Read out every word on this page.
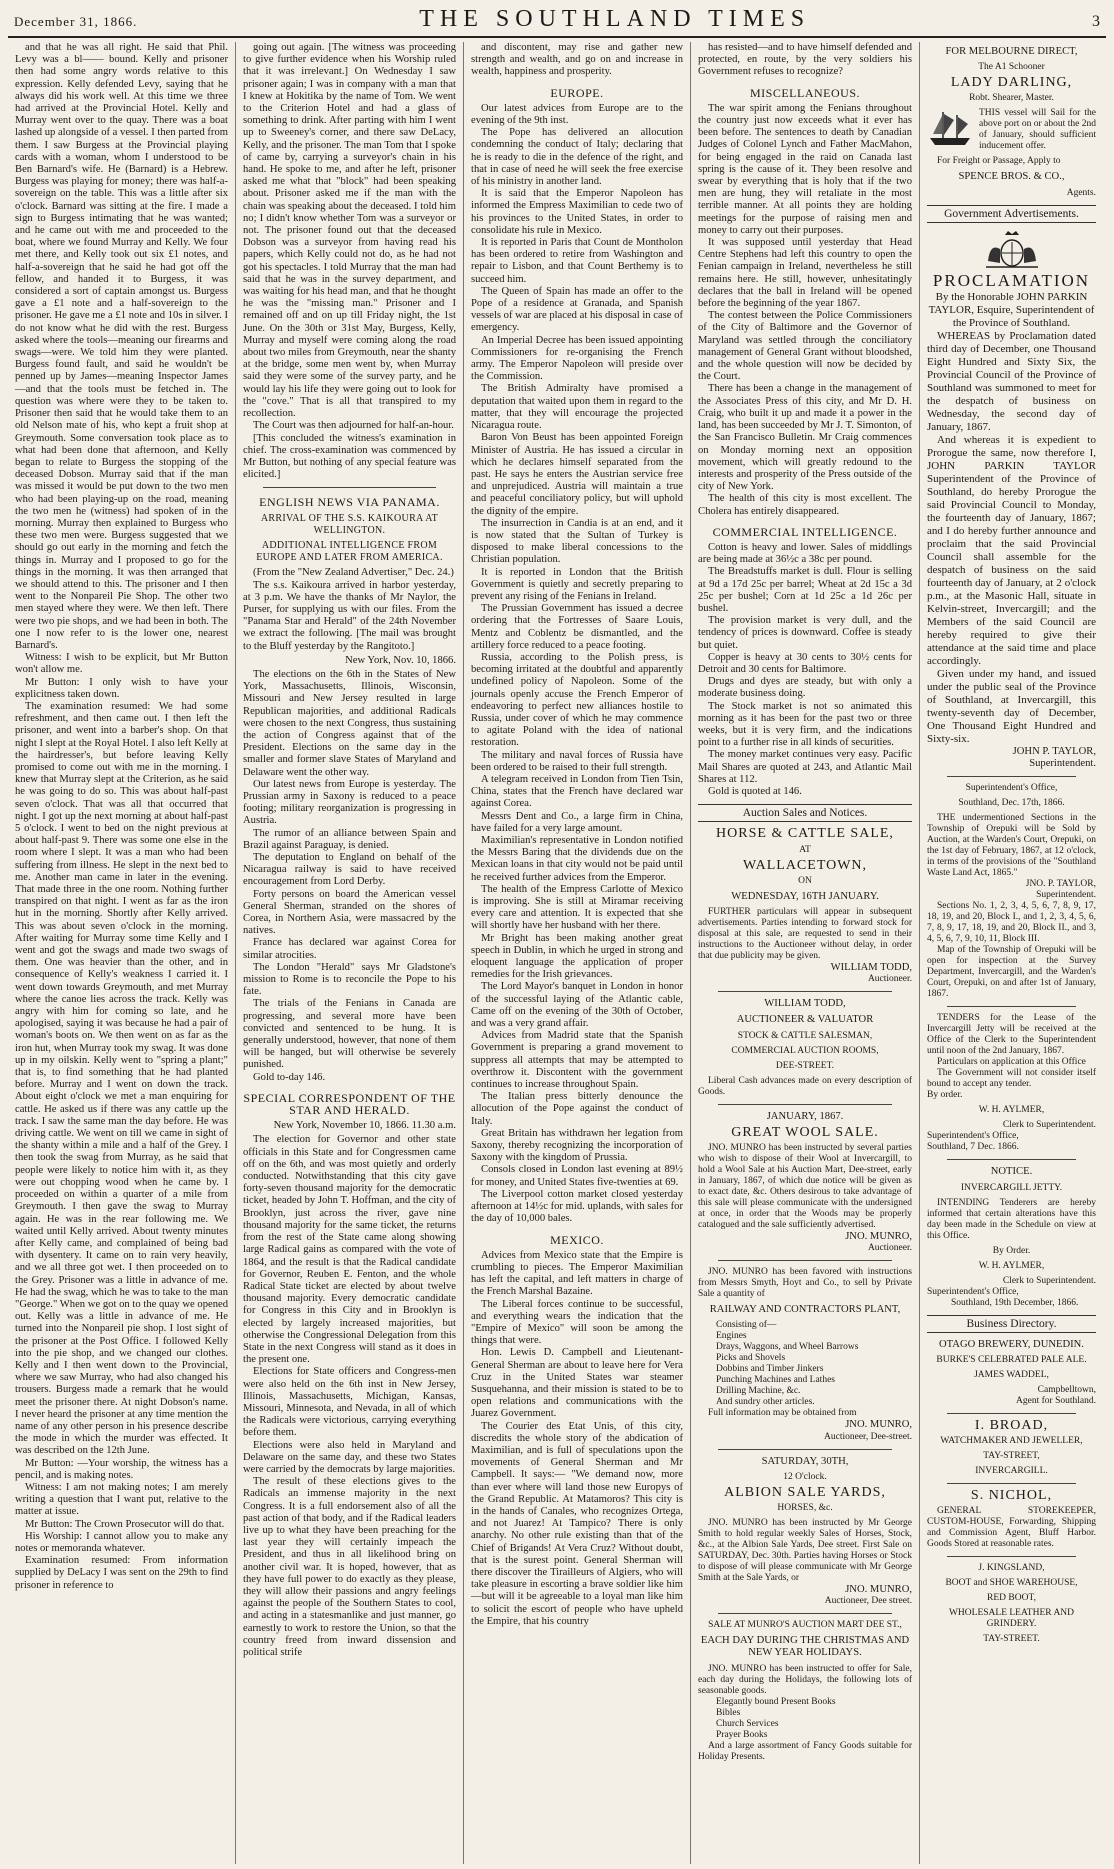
December 31, 1866.	THE SOUTHLAND TIMES	3

and that he was all right. He said that Phil. Levy was a bl—— bound. Kelly and prisoner then had some angry words relative to this expression. Kelly defended Levy, saying that he always did his work well. At this time we three had arrived at the Provincial Hotel. Kelly and Murray went over to the quay. There was a boat lashed up alongside of a vessel. I then parted from them. I saw Burgess at the Provincial playing cards with a woman, whom I understood to be Ben Barnard's wife. He (Barnard) is a Hebrew. Burgess was playing for money; there was half-a-sovereign on the table. This was a little after six o'clock. Barnard was sitting at the fire. I made a sign to Burgess intimating that he was wanted; and he came out with me and proceeded to the boat, where we found Murray and Kelly. We four met there, and Kelly took out six £1 notes, and half-a-sovereign that he said he had got off the fellow, and handed it to Burgess, it was considered a sort of captain amongst us. Burgess gave a £1 note and a half-sovereign to the prisoner. He gave me a £1 note and 10s in silver. I do not know what he did with the rest. Burgess asked where the tools—meaning our firearms and swags—were. We told him they were planted. Burgess found fault, and said he wouldn't be penned up by James—meaning Inspector James—and that the tools must be fetched in. The question was where were they to be taken to. Prisoner then said that he would take them to an old Nelson mate of his, who kept a fruit shop at Greymouth. Some conversation took place as to what had been done that afternoon, and Kelly began to relate to Burgess the stopping of the deceased Dobson. Murray said that if the man was missed it would be put down to the two men who had been playing-up on the road, meaning the two men he (witness) had spoken of in the morning. Murray then explained to Burgess who these two men were. Burgess suggested that we should go out early in the morning and fetch the things in. Murray and I proposed to go for the things in the morning. It was then arranged that we should attend to this. The prisoner and I then went to the Nonpareil Pie Shop. The other two men stayed where they were. We then left. There were two pie shops, and we had been in both. The one I now refer to is the lower one, nearest Barnard's.

Witness: I wish to be explicit, but Mr Button won't allow me.

Mr Button: I only wish to have your explicitness taken down.

The examination resumed: We had some refreshment, and then came out. I then left the prisoner, and went into a barber's shop. On that night I slept at the Royal Hotel. I also left Kelly at the hairdresser's, but before leaving Kelly promised to come out with me in the morning. I knew that Murray slept at the Criterion, as he said he was going to do so. This was about half-past seven o'clock. That was all that occurred that night. I got up the next morning at about half-past 5 o'clock. I went to bed on the night previous at about half-past 9. There was some one else in the room where I slept. It was a man who had been suffering from illness. He slept in the next bed to me. Another man came in later in the evening. That made three in the one room. Nothing further transpired on that night. I went as far as the iron hut in the morning. Shortly after Kelly arrived. This was about seven o'clock in the morning. After waiting for Murray some time Kelly and I went and got the swags and made two swags of them. One was heavier than the other, and in consequence of Kelly's weakness I carried it. I went down towards Greymouth, and met Murray where the canoe lies across the track. Kelly was angry with him for coming so late, and he apologised, saying it was because he had a pair of woman's boots on. We then went on as far as the iron hut, when Murray took my swag. It was done up in my oilskin. Kelly went to "spring a plant;" that is, to find something that he had planted before. Murray and I went on down the track. About eight o'clock we met a man enquiring for cattle. He asked us if there was any cattle up the track. I saw the same man the day before. He was driving cattle. We went on till we came in sight of the shanty within a mile and a half of the Grey. I then took the swag from Murray, as he said that people were likely to notice him with it, as they were out chopping wood when he came by. I proceeded on within a quarter of a mile from Greymouth. I then gave the swag to Murray again. He was in the rear following me. We waited until Kelly arrived. About twenty minutes after Kelly came, and complained of being bad with dysentery. It came on to rain very heavily, and we all three got wet. I then proceeded on to the Grey. Prisoner was a little in advance of me. He had the swag, which he was to take to the man "George." When we got on to the quay we opened out. Kelly was a little in advance of me. He turned into the Nonpareil pie shop. I lost sight of the prisoner at the Post Office. I followed Kelly into the pie shop, and we changed our clothes. Kelly and I then went down to the Provincial, where we saw Murray, who had also changed his trousers. Burgess made a remark that he would meet the prisoner there. At night Dobson's name. I never heard the prisoner at any time mention the name of any other person in his presence describe the mode in which the murder was effected. It was described on the 12th June.

Mr Button: —Your worship, the witness has a pencil, and is making notes.

Witness: I am not making notes; I am merely writing a question that I want put, relative to the matter at issue.

Mr Button: The Crown Prosecutor will do that.

His Worship: I cannot allow you to make any notes or memoranda whatever.

Examination resumed: From information supplied by DeLacy I was sent on the 29th to find prisoner in reference to

going out again. [The witness was proceeding to give further evidence when his Worship ruled that it was irrelevant.] On Wednesday I saw prisoner again; I was in company with a man that I knew at Hokitika by the name of Tom. We went to the Criterion Hotel and had a glass of something to drink. After parting with him I went up to Sweeney's corner, and there saw DeLacy, Kelly, and the prisoner. The man Tom that I spoke of came by, carrying a surveyor's chain in his hand. He spoke to me, and after he left, prisoner asked me what that "block" had been speaking about. Prisoner asked me if the man with the chain was speaking about the deceased. I told him no; I didn't know whether Tom was a surveyor or not. The prisoner found out that the deceased Dobson was a surveyor from having read his papers, which Kelly could not do, as he had not got his spectacles. I told Murray that the man had said that he was in the survey department, and was waiting for his head man, and that he thought he was the "missing man." Prisoner and I remained off and on up till Friday night, the 1st June. On the 30th or 31st May, Burgess, Kelly, Murray and myself were coming along the road about two miles from Greymouth, near the shanty at the bridge, some men went by, when Murray said they were some of the survey party, and he would lay his life they were going out to look for the "cove." That is all that transpired to my recollection.

The Court was then adjourned for half-an-hour.

[This concluded the witness's examination in chief. The cross-examination was commenced by Mr Button, but nothing of any special feature was elicited.]

ENGLISH NEWS VIA PANAMA.
ARRIVAL OF THE S.S. KAIKOURA AT WELLINGTON.
ADDITIONAL INTELLIGENCE FROM EUROPE AND LATER FROM AMERICA.

(From the "New Zealand Advertiser," Dec. 24.)

The s.s. Kaikoura arrived in harbor yesterday, at 3 p.m. We have the thanks of Mr Naylor, the Purser, for supplying us with our files. From the "Panama Star and Herald" of the 24th November we extract the following. [The mail was brought to the Bluff yesterday by the Rangitoto.]

New York, Nov. 10, 1866.

The elections on the 6th in the States of New York, Massachusetts, Illinois, Wisconsin, Missouri and New Jersey resulted in large Republican majorities, and additional Radicals were chosen to the next Congress, thus sustaining the action of Congress against that of the President. Elections on the same day in the smaller and former slave States of Maryland and Delaware went the other way.

Our latest news from Europe is yesterday. The Prussian army in Saxony is reduced to a peace footing; military reorganization is progressing in Austria.

The rumor of an alliance between Spain and Brazil against Paraguay, is denied.

The deputation to England on behalf of the Nicaragua railway is said to have received encouragement from Lord Derby.

Forty persons on board the American vessel General Sherman, stranded on the shores of Corea, in Northern Asia, were massacred by the natives.

France has declared war against Corea for similar atrocities.

The London "Herald" says Mr Gladstone's mission to Rome is to reconcile the Pope to his fate.

The trials of the Fenians in Canada are progressing, and several more have been convicted and sentenced to be hung. It is generally understood, however, that none of them will be hanged, but will otherwise be severely punished.

Gold to-day 146.

SPECIAL CORRESPONDENT OF THE STAR AND HERALD.
New York, November 10, 1866. 11.30 a.m.

The election for Governor and other state officials in this State and for Congressmen came off on the 6th, and was most quietly and orderly conducted. Notwithstanding that this city gave forty-seven thousand majority for the democratic ticket, headed by John T. Hoffman, and the city of Brooklyn, just across the river, gave nine thousand majority for the same ticket, the returns from the rest of the State came along showing large Radical gains as compared with the vote of 1864, and the result is that the Radical candidate for Governor, Reuben E. Fenton, and the whole Radical State ticket are elected by about twelve thousand majority. Every democratic candidate for Congress in this City and in Brooklyn is elected by largely increased majorities, but otherwise the Congressional Delegation from this State in the next Congress will stand as it does in the present one.

Elections for State officers and Congress-men were also held on the 6th inst in New Jersey, Illinois, Massachusetts, Michigan, Kansas, Missouri, Minnesota, and Nevada, in all of which the Radicals were victorious, carrying everything before them.

Elections were also held in Maryland and Delaware on the same day, and these two States were carried by the democrats by large majorities.

The result of these elections gives to the Radicals an immense majority in the next Congress. It is a full endorsement also of all the past action of that body, and if the Radical leaders live up to what they have been preaching for the last year they will certainly impeach the President, and thus in all likelihood bring on another civil war. It is hoped, however, that as they have full power to do exactly as they please, they will allow their passions and angry feelings against the people of the Southern States to cool, and acting in a statesmanlike and just manner, go earnestly to work to restore the Union, so that the country freed from inward dissension and political strife

and discontent, may rise and gather new strength and wealth, and go on and increase in wealth, happiness and prosperity.

EUROPE.

Our latest advices from Europe are to the evening of the 9th inst.

The Pope has delivered an allocution condemning the conduct of Italy; declaring that he is ready to die in the defence of the right, and that in case of need he will seek the free exercise of his ministry in another land.

It is said that the Emperor Napoleon has informed the Empress Maximilian to cede two of his provinces to the United States, in order to consolidate his rule in Mexico.

It is reported in Paris that Count de Montholon has been ordered to retire from Washington and repair to Lisbon, and that Count Berthemy is to succeed him.

The Queen of Spain has made an offer to the Pope of a residence at Granada, and Spanish vessels of war are placed at his disposal in case of emergency.

An Imperial Decree has been issued appointing Commissioners for re-organising the French army. The Emperor Napoleon will preside over the Commission.

The British Admiralty have promised a deputation that waited upon them in regard to the matter, that they will encourage the projected Nicaragua route.

Baron Von Beust has been appointed Foreign Minister of Austria. He has issued a circular in which he declares himself separated from the past. He says he enters the Austrian service free and unprejudiced. Austria will maintain a true and peaceful conciliatory policy, but will uphold the dignity of the empire.

The insurrection in Candia is at an end, and it is now stated that the Sultan of Turkey is disposed to make liberal concessions to the Christian population.

It is reported in London that the British Government is quietly and secretly preparing to prevent any rising of the Fenians in Ireland.

The Prussian Government has issued a decree ordering that the Fortresses of Saare Louis, Mentz and Coblentz be dismantled, and the artillery force reduced to a peace footing.

Russia, according to the Polish press, is becoming irritated at the doubtful and apparently undefined policy of Napoleon. Some of the journals openly accuse the French Emperor of endeavoring to perfect new alliances hostile to Russia, under cover of which he may commence to agitate Poland with the idea of national restoration.

The military and naval forces of Russia have been ordered to be raised to their full strength.

A telegram received in London from Tien Tsin, China, states that the French have declared war against Corea.

Messrs Dent and Co., a large firm in China, have failed for a very large amount.

Maximilian's representative in London notified the Messrs Baring that the dividends due on the Mexican loans in that city would not be paid until he received further advices from the Emperor.

The health of the Empress Carlotte of Mexico is improving. She is still at Miramar receiving every care and attention. It is expected that she will shortly have her husband with her there.

Mr Bright has been making another great speech in Dublin, in which he urged in strong and eloquent language the application of proper remedies for the Irish grievances.

The Lord Mayor's banquet in London in honor of the successful laying of the Atlantic cable, Came off on the evening of the 30th of October, and was a very grand affair.

Advices from Madrid state that the Spanish Government is preparing a grand movement to suppress all attempts that may be attempted to overthrow it. Discontent with the government continues to increase throughout Spain.

The Italian press bitterly denounce the allocution of the Pope against the conduct of Italy.

Great Britain has withdrawn her legation from Saxony, thereby recognizing the incorporation of Saxony with the kingdom of Prussia.

Consols closed in London last evening at 89½ for money, and United States five-twenties at 69.

The Liverpool cotton market closed yesterday afternoon at 14½c for mid. uplands, with sales for the day of 10,000 bales.

MEXICO.

Advices from Mexico state that the Empire is crumbling to pieces. The Emperor Maximilian has left the capital, and left matters in charge of the French Marshal Bazaine.

The Liberal forces continue to be successful, and everything wears the indication that the "Empire of Mexico" will soon be among the things that were.

Hon. Lewis D. Campbell and Lieutenant-General Sherman are about to leave here for Vera Cruz in the United States war steamer Susquehanna, and their mission is stated to be to open relations and communications with the Juarez Government.

The Courier des Etat Unis, of this city, discredits the whole story of the abdication of Maximilian, and is full of speculations upon the movements of General Sherman and Mr Campbell. It says:— "We demand now, more than ever where will land those new Europys of the Grand Republic. At Matamoros? This city is in the hands of Canales, who recognizes Ortega, and not Juarez! At Tampico? There is only anarchy. No other rule existing than that of the Chief of Brigands! At Vera Cruz? Without doubt, that is the surest point. General Sherman will there discover the Tirailleurs of Algiers, who will take pleasure in escorting a brave soldier like him—but will it be agreeable to a loyal man like him to solicit the escort of people who have upheld the Empire, that his country

has resisted—and to have himself defended and protected, en route, by the very soldiers his Government refuses to recognize?

MISCELLANEOUS.

The war spirit among the Fenians throughout the country just now exceeds what it ever has been before. The sentences to death by Canadian Judges of Colonel Lynch and Father MacMahon, for being engaged in the raid on Canada last spring is the cause of it. They been resolve and swear by everything that is holy that if the two men are hung, they will retaliate in the most terrible manner. At all points they are holding meetings for the purpose of raising men and money to carry out their purposes.

It was supposed until yesterday that Head Centre Stephens had left this country to open the Fenian campaign in Ireland, nevertheless he still remains here. He still, however, unhesitatingly declares that the ball in Ireland will be opened before the beginning of the year 1867.

The contest between the Police Commissioners of the City of Baltimore and the Governor of Maryland was settled through the conciliatory management of General Grant without bloodshed, and the whole question will now be decided by the Court.

There has been a change in the management of the Associates Press of this city, and Mr D. H. Craig, who built it up and made it a power in the land, has been succeeded by Mr J. T. Simonton, of the San Francisco Bulletin. Mr Craig commences on Monday morning next an opposition movement, which will greatly redound to the interests and prosperity of the Press outside of the city of New York.

The health of this city is most excellent. The Cholera has entirely disappeared.

COMMERCIAL INTELLIGENCE.

Cotton is heavy and lower. Sales of middlings are being made at 36½c a 38c per pound.

The Breadstuffs market is dull. Flour is selling at 9d a 17d 25c per barrel; Wheat at 2d 15c a 3d 25c per bushel; Corn at 1d 25c a 1d 26c per bushel.

The provision market is very dull, and the tendency of prices is downward. Coffee is steady but quiet.

Copper is heavy at 30 cents to 30½ cents for Detroit and 30 cents for Baltimore.

Drugs and dyes are steady, but with only a moderate business doing.

The Stock market is not so animated this morning as it has been for the past two or three weeks, but it is very firm, and the indications point to a further rise in all kinds of securities.

The money market continues very easy. Pacific Mail Shares are quoted at 243, and Atlantic Mail Shares at 112.

Gold is quoted at 146.

Auction Sales and Notices.
HORSE & CATTLE SALE,
AT
WALLACETOWN,
ON
WEDNESDAY, 16TH JANUARY.

FURTHER particulars will appear in subsequent advertisements. Parties intending to forward stock for disposal at this sale, are requested to send in their instructions to the Auctioneer without delay, in order that due publicity may be given.

WILLIAM TODD,
Auctioneer.
WILLIAM TODD,
AUCTIONEER & VALUATOR
STOCK & CATTLE SALESMAN,
COMMERCIAL AUCTION ROOMS,
DEE-STREET.

Liberal Cash advances made on every description of Goods.

JANUARY, 1867.
GREAT WOOL SALE.

JNO. MUNRO has been instructed by several parties who wish to dispose of their Wool at Invercargill, to hold a Wool Sale at his Auction Mart, Dee-street, early in January, 1867, of which due notice will be given as to exact date, &c. Others desirous to take advantage of this sale will please communicate with the undersigned at once, in order that the Woods may be properly catalogued and the sale sufficiently advertised.

JNO. MUNRO,
Auctioneer.

JNO. MUNRO has been favored with instructions from Messrs Smyth, Hoyt and Co., to sell by Private Sale a quantity of

RAILWAY AND CONTRACTORS PLANT,
Consisting of—
Engines
Drays, Waggons, and Wheel Barrows
Picks and Shovels
Dobbins and Timber Jinkers
Punching Machines and Lathes
Drilling Machine, &c.
And sundry other articles.

Full information may be obtained from

JNO. MUNRO,
Auctioneer, Dee-street.
SATURDAY, 30TH,
12 O'clock.
ALBION SALE YARDS,
HORSES, &c.

JNO. MUNRO has been instructed by Mr George Smith to hold regular weekly Sales of Horses, Stock, &c., at the Albion Sale Yards, Dee street. First Sale on SATURDAY, Dec. 30th. Parties having Horses or Stock to dispose of will please communicate with Mr George Smith at the Sale Yards, or

JNO. MUNRO,
Auctioneer, Dee street.
SALE AT MUNRO'S AUCTION MART DEE ST.,
EACH DAY DURING THE CHRISTMAS AND NEW YEAR HOLIDAYS.

JNO. MUNRO has been instructed to offer for Sale, each day during the Holidays, the following lots of seasonable goods.

Elegantly bound Present Books
Bibles
Church Services
Prayer Books

And a large assortment of Fancy Goods suitable for Holiday Presents.

FOR MELBOURNE DIRECT,
The A1 Schooner
LADY DARLING,
Robt. Shearer, Master.

THIS vessel will Sail for the above port on or about the 2nd of January, should sufficient inducement offer.

For Freight or Passage, Apply to

SPENCE BROS. & CO.,
Agents.
Government Advertisements.
PROCLAMATION

By the Honorable JOHN PARKIN TAYLOR, Esquire, Superintendent of the Province of Southland.

WHEREAS by Proclamation dated third day of December, one Thousand Eight Hundred and Sixty Six, the Provincial Council of the Province of Southland was summoned to meet for the despatch of business on Wednesday, the second day of January, 1867.

And whereas it is expedient to Prorogue the same, now therefore I, JOHN PARKIN TAYLOR Superintendent of the Province of Southland, do hereby Prorogue the said Provincial Council to Monday, the fourteenth day of January, 1867; and I do hereby further announce and proclaim that the said Provincial Council shall assemble for the despatch of business on the said fourteenth day of January, at 2 o'clock p.m., at the Masonic Hall, situate in Kelvin-street, Invercargill; and the Members of the said Council are hereby required to give their attendance at the said time and place accordingly.

Given under my hand, and issued under the public seal of the Province of Southland, at Invercargill, this twenty-seventh day of December, One Thousand Eight Hundred and Sixty-six.

JOHN P. TAYLOR,
Superintendent.
Superintendent's Office,
Southland, Dec. 17th, 1866.

THE undermentioned Sections in the Township of Orepuki will be Sold by Auction, at the Warden's Court, Orepuki, on the 1st day of February, 1867, at 12 o'clock, in terms of the provisions of the "Southland Waste Land Act, 1865."

JNO. P. TAYLOR,
Superintendent.

Sections No. 1, 2, 3, 4, 5, 6, 7, 8, 9, 17, 18, 19, and 20, Block I., and 1, 2, 3, 4, 5, 6, 7, 8, 9, 17, 18, 19, and 20, Block II., and 3, 4, 5, 6, 7, 9, 10, 11, Block III.

Map of the Township of Orepuki will be open for inspection at the Survey Department, Invercargill, and the Warden's Court, Orepuki, on and after 1st of January, 1867.

TENDERS for the Lease of the Invercargill Jetty will be received at the Office of the Clerk to the Superintendent until noon of the 2nd January, 1867.

Particulars on application at this Office

The Government will not consider itself bound to accept any tender.

By order.
W. H. AYLMER,
Clerk to Superintendent.
Superintendent's Office,
Southland, 7 Dec. 1866.
NOTICE.
INVERCARGILL JETTY.

INTENDING Tenderers are hereby informed that certain alterations have this day been made in the Schedule on view at this Office.

By Order.
W. H. AYLMER,
Clerk to Superintendent.
Superintendent's Office,
Southland, 19th December, 1866.
Business Directory.
OTAGO BREWERY, DUNEDIN.
BURKE'S CELEBRATED PALE ALE.
JAMES WADDEL,
Campbelltown,
Agent for Southland.
I. BROAD,
WATCHMAKER AND JEWELLER,
TAY-STREET,
INVERCARGILL.
S. NICHOL,

GENERAL STOREKEEPER, CUSTOM-HOUSE, Forwarding, Shipping and Commission Agent, Bluff Harbor. Goods Stored at reasonable rates.

J. KINGSLAND,
BOOT and SHOE WAREHOUSE,
RED BOOT,
WHOLESALE LEATHER AND GRINDERY.
TAY-STREET.
